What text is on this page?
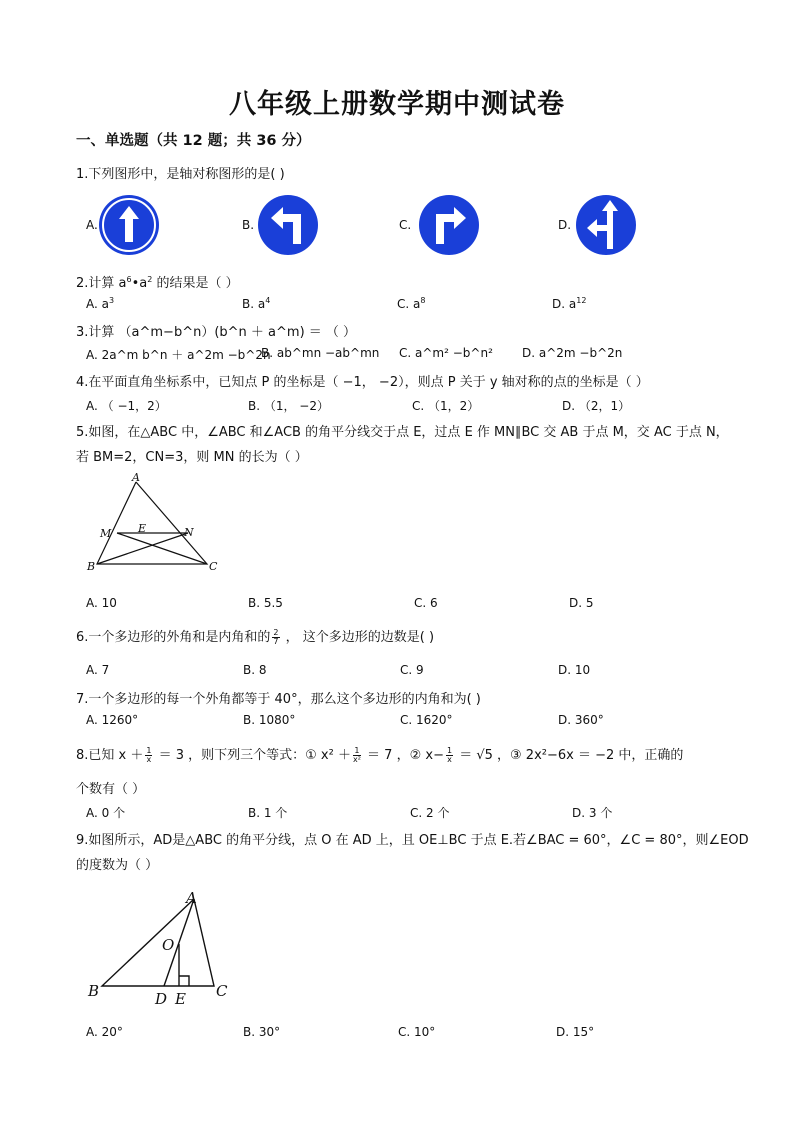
八年级上册数学期中测试卷
一、单选题（共 12 题；共 36 分）
1.下列图形中，是轴对称图形的是( )
A.	B.	C.	D.
2.计算 $a^6•a^2$ 的结果是（ ）
A. $a^3$	B. $a^4$	C. $a^8$	D. $a^{12}$
3.计算 （a^m−b^n）(b^n ＋ a^m) ＝ （ ）
A. 2a^m b^n ＋ a^2m −b^2n
B. ab^mn −ab^mn C. a^m² −b^n² D. a^2m −b^2n
4.在平面直角坐标系中，已知点 P 的坐标是（ −1， −2），则点 P 关于 y 轴对称的点的坐标是（ ）
A. （ −1，2）	B. （1， −2）	C. （1，2）	D. （2，1）
5.如图，在△ABC 中，∠ABC 和∠ACB 的角平分线交于点 E，过点 E 作 MN∥BC 交 AB 于点 M，交 AC 于点 N，
若 BM=2，CN=3，则 MN 的长为（ ）
A
M E	N
B	C
A. 10	B. 5.5	C. 6	D. 5
6.一个多边形的外角和是内角和的 $\frac{2}{7}$ ， 这个多边形的边数是( )
A. 7	B. 8	C. 9	D. 10
7.一个多边形的每一个外角都等于 40°，那么这个多边形的内角和为( )
A. 1260°	B. 1080°	C. 1620°	D. 360°
8.已知 $x + \frac{1}{x} = 3$ ，则下列三个等式：① $x^2 + \frac{1}{\text{x²}} = 7$ ，② $x- \frac{1}{x} = √5$ ，③ 2x²−6x ＝ −2 中，正确的
个数有（ ）
A. 0 个	B. 1 个	C. 2 个	D. 3 个
9.如图所示，AD是△ABC 的角平分线，点 O 在 AD 上，且 OE⊥BC 于点 E.若∠BAC = 60°，∠C = 80°，则∠EOD
的度数为（ ）
A
O
B	D E C
A. 20°	B. 30°	C. 10°	D. 15°
